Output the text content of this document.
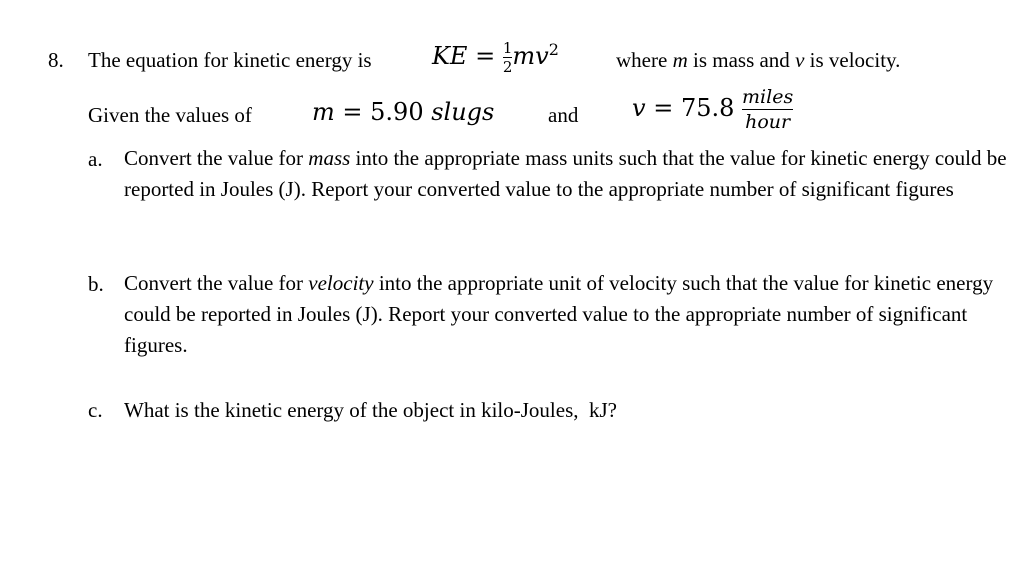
8. The equation for kinetic energy is	KE = $\frac{1}{2} mv^2$	where m is mass and v is velocity.
Given the values of	m = 5.90 slugs	and $v = 75.8 \frac{\text{miles}}{\text{hour}}$
a. Convert the value for mass into the appropriate mass units such that the value for kinetic energy could be reported in Joules (J). Report your converted value to the appropriate number of significant figures
b. Convert the value for velocity into the appropriate unit of velocity such that the value for kinetic energy could be reported in Joules (J). Report your converted value to the appropriate number of significant figures.
c. What is the kinetic energy of the object in kilo-Joules,  kJ?
